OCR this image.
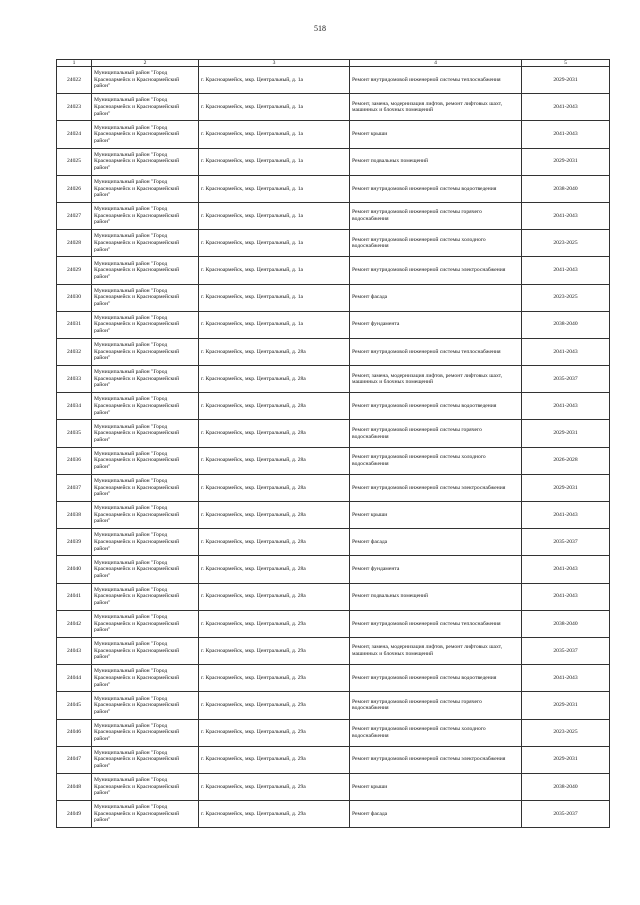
518
1	2	3	4	5
24022	Муниципальный район "Город Красноармейск и Красноармейский район"	г. Красноармейск, мкр. Центральный, д. 1а	Ремонт внутридомовой инженерной системы теплоснабжения	2029-2031
24023	Муниципальный район "Город Красноармейск и Красноармейский район"	г. Красноармейск, мкр. Центральный, д. 1а	Ремонт, замена, модернизация лифтов, ремонт лифтовых шахт, машинных и блочных помещений	2041-2043
24024	Муниципальный район "Город Красноармейск и Красноармейский район"	г. Красноармейск, мкр. Центральный, д. 1а	Ремонт крыши	2041-2043
24025	Муниципальный район "Город Красноармейск и Красноармейский район"	г. Красноармейск, мкр. Центральный, д. 1а	Ремонт подвальных помещений	2029-2031
24026	Муниципальный район "Город Красноармейск и Красноармейский район"	г. Красноармейск, мкр. Центральный, д. 1а	Ремонт внутридомовой инженерной системы водоотведения	2038-2040
24027	Муниципальный район "Город Красноармейск и Красноармейский район"	г. Красноармейск, мкр. Центральный, д. 1а	Ремонт внутридомовой инженерной системы горячего водоснабжения	2041-2043
24028	Муниципальный район "Город Красноармейск и Красноармейский район"	г. Красноармейск, мкр. Центральный, д. 1а	Ремонт внутридомовой инженерной системы холодного водоснабжения	2023-2025
24029	Муниципальный район "Город Красноармейск и Красноармейский район"	г. Красноармейск, мкр. Центральный, д. 1а	Ремонт внутридомовой инженерной системы электроснабжения	2041-2043
24030	Муниципальный район "Город Красноармейск и Красноармейский район"	г. Красноармейск, мкр. Центральный, д. 1а	Ремонт фасада	2023-2025
24031	Муниципальный район "Город Красноармейск и Красноармейский район"	г. Красноармейск, мкр. Центральный, д. 1а	Ремонт фундамента	2038-2040
24032	Муниципальный район "Город Красноармейск и Красноармейский район"	г. Красноармейск, мкр. Центральный, д. 28а	Ремонт внутридомовой инженерной системы теплоснабжения	2041-2043
24033	Муниципальный район "Город Красноармейск и Красноармейский район"	г. Красноармейск, мкр. Центральный, д. 28а	Ремонт, замена, модернизация лифтов, ремонт лифтовых шахт, машинных и блочных помещений	2035-2037
24034	Муниципальный район "Город Красноармейск и Красноармейский район"	г. Красноармейск, мкр. Центральный, д. 28а	Ремонт внутридомовой инженерной системы водоотведения	2041-2043
24035	Муниципальный район "Город Красноармейск и Красноармейский район"	г. Красноармейск, мкр. Центральный, д. 28а	Ремонт внутридомовой инженерной системы горячего водоснабжения	2029-2031
24036	Муниципальный район "Город Красноармейск и Красноармейский район"	г. Красноармейск, мкр. Центральный, д. 28а	Ремонт внутридомовой инженерной системы холодного водоснабжения	2026-2028
24037	Муниципальный район "Город Красноармейск и Красноармейский район"	г. Красноармейск, мкр. Центральный, д. 28а	Ремонт внутридомовой инженерной системы электроснабжения	2029-2031
24038	Муниципальный район "Город Красноармейск и Красноармейский район"	г. Красноармейск, мкр. Центральный, д. 28а	Ремонт крыши	2041-2043
24039	Муниципальный район "Город Красноармейск и Красноармейский район"	г. Красноармейск, мкр. Центральный, д. 28а	Ремонт фасада	2035-2037
24040	Муниципальный район "Город Красноармейск и Красноармейский район"	г. Красноармейск, мкр. Центральный, д. 28а	Ремонт фундамента	2041-2043
24041	Муниципальный район "Город Красноармейск и Красноармейский район"	г. Красноармейск, мкр. Центральный, д. 28а	Ремонт подвальных помещений	2041-2043
24042	Муниципальный район "Город Красноармейск и Красноармейский район"	г. Красноармейск, мкр. Центральный, д. 29а	Ремонт внутридомовой инженерной системы теплоснабжения	2038-2040
24043	Муниципальный район "Город Красноармейск и Красноармейский район"	г. Красноармейск, мкр. Центральный, д. 29а	Ремонт, замена, модернизация лифтов, ремонт лифтовых шахт, машинных и блочных помещений	2035-2037
24044	Муниципальный район "Город Красноармейск и Красноармейский район"	г. Красноармейск, мкр. Центральный, д. 29а	Ремонт внутридомовой инженерной системы водоотведения	2041-2043
24045	Муниципальный район "Город Красноармейск и Красноармейский район"	г. Красноармейск, мкр. Центральный, д. 29а	Ремонт внутридомовой инженерной системы горячего водоснабжения	2029-2031
24046	Муниципальный район "Город Красноармейск и Красноармейский район"	г. Красноармейск, мкр. Центральный, д. 29а	Ремонт внутридомовой инженерной системы холодного водоснабжения	2023-2025
24047	Муниципальный район "Город Красноармейск и Красноармейский район"	г. Красноармейск, мкр. Центральный, д. 29а	Ремонт внутридомовой инженерной системы электроснабжения	2029-2031
24048	Муниципальный район "Город Красноармейск и Красноармейский район"	г. Красноармейск, мкр. Центральный, д. 29а	Ремонт крыши	2038-2040
24049	Муниципальный район "Город Красноармейск и Красноармейский район"	г. Красноармейск, мкр. Центральный, д. 29а	Ремонт фасада	2035-2037
